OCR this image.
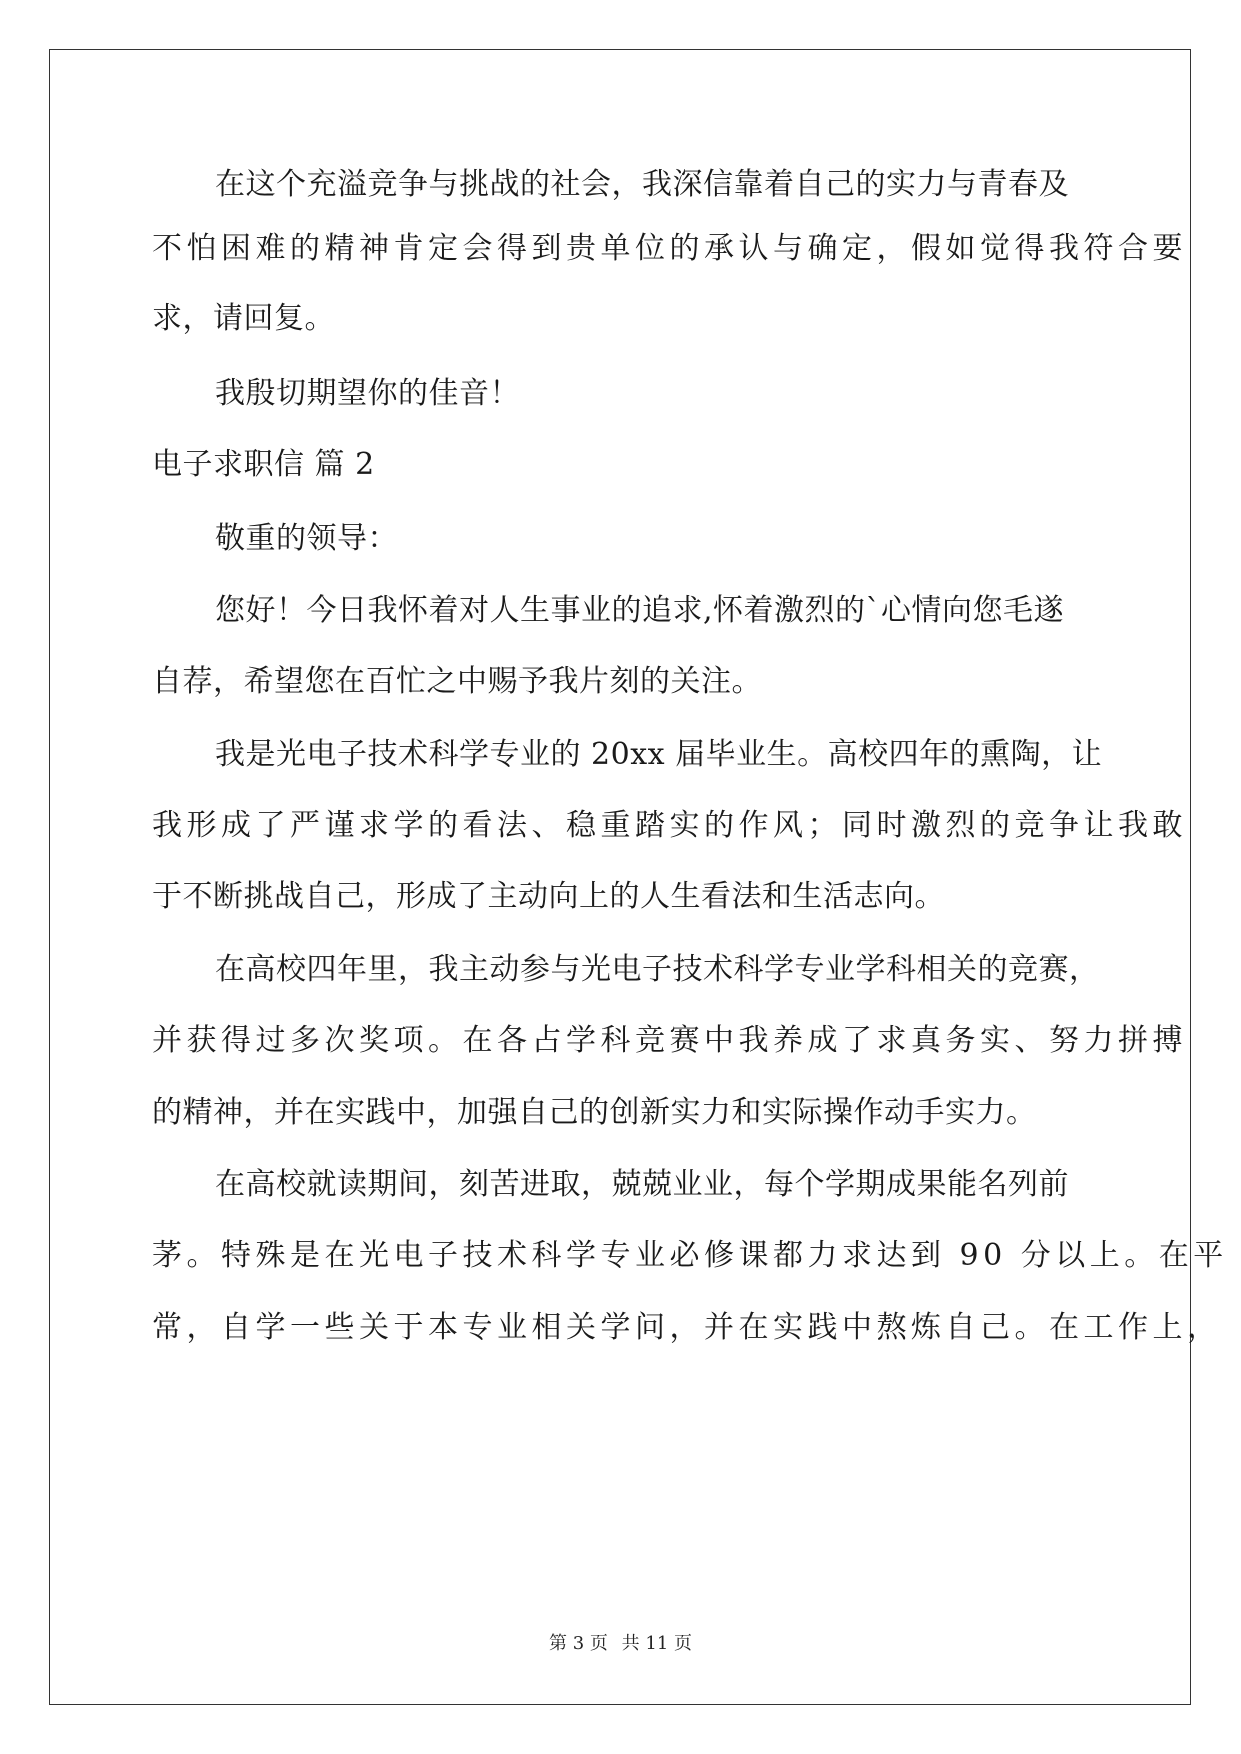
在这个充溢竞争与挑战的社会，我深信靠着自己的实力与青春及
不怕困难的精神肯定会得到贵单位的承认与确定，假如觉得我符合要
求，请回复。
我殷切期望你的佳音！
电子求职信 篇 2
敬重的领导：
您好！今日我怀着对人生事业的追求,怀着激烈的`心情向您毛遂
自荐，希望您在百忙之中赐予我片刻的关注。
我是光电子技术科学专业的 20xx 届毕业生。高校四年的熏陶，让
我形成了严谨求学的看法、稳重踏实的作风；同时激烈的竞争让我敢
于不断挑战自己，形成了主动向上的人生看法和生活志向。
在高校四年里，我主动参与光电子技术科学专业学科相关的竞赛，
并获得过多次奖项。在各占学科竞赛中我养成了求真务实、努力拼搏
的精神，并在实践中，加强自己的创新实力和实际操作动手实力。
在高校就读期间，刻苦进取，兢兢业业，每个学期成果能名列前
茅。特殊是在光电子技术科学专业必修课都力求达到 90 分以上。在平
常，自学一些关于本专业相关学问，并在实践中熬炼自己。在工作上，
第 3 页 共 11 页
